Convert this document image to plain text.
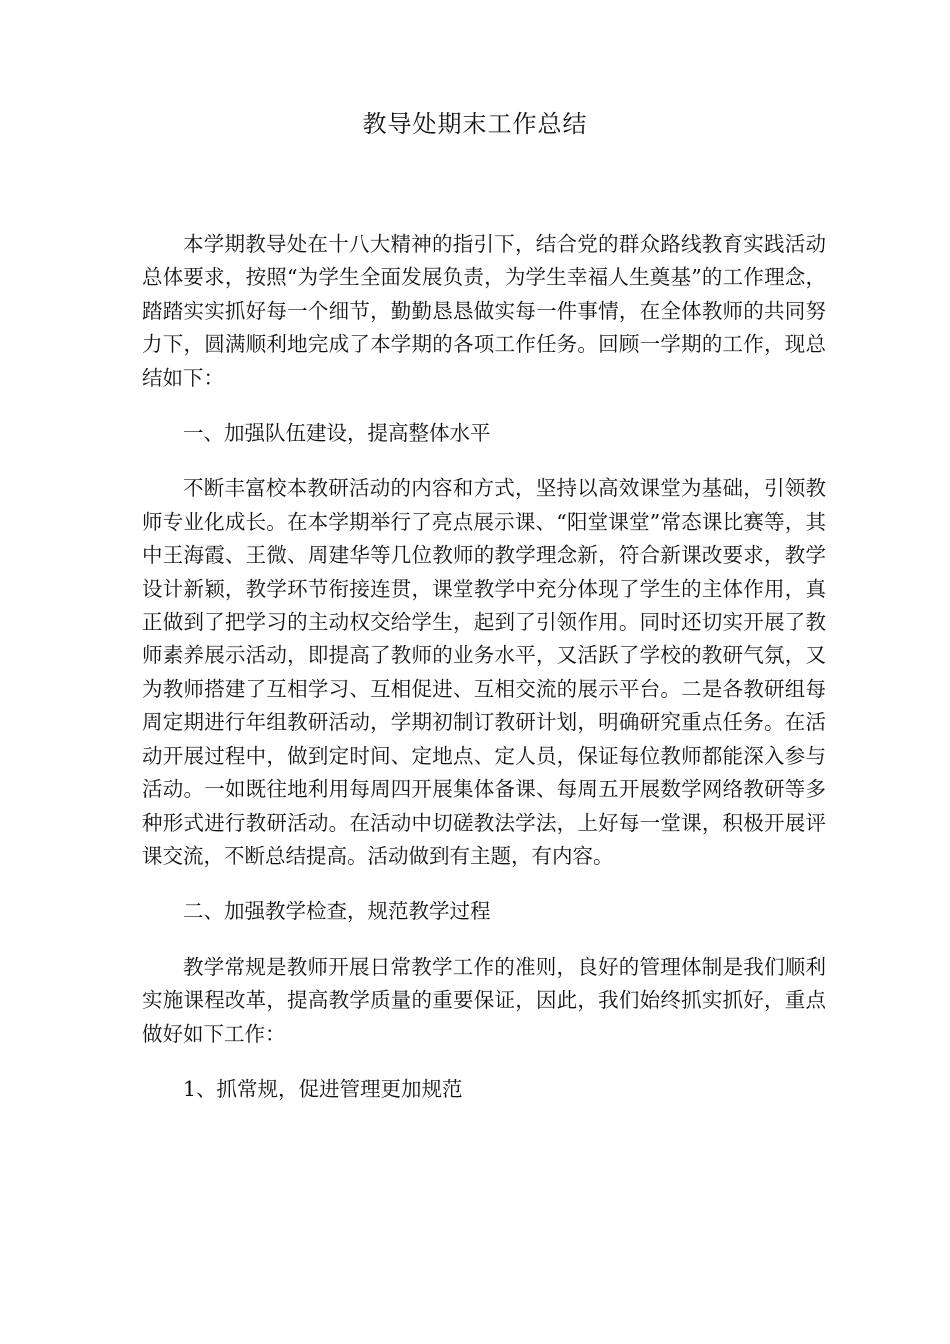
教导处期末工作总结

本学期教导处在十八大精神的指引下，结合党的群众路线教育实践活动总体要求，按照“为学生全面发展负责，为学生幸福人生奠基”的工作理念，踏踏实实抓好每一个细节，勤勤恳恳做实每一件事情，在全体教师的共同努力下，圆满顺利地完成了本学期的各项工作任务。回顾一学期的工作，现总结如下：

一、加强队伍建设，提高整体水平

不断丰富校本教研活动的内容和方式，坚持以高效课堂为基础，引领教师专业化成长。在本学期举行了亮点展示课、“阳堂课堂”常态课比赛等，其中王海霞、王微、周建华等几位教师的教学理念新，符合新课改要求，教学设计新颖，教学环节衔接连贯，课堂教学中充分体现了学生的主体作用，真正做到了把学习的主动权交给学生，起到了引领作用。同时还切实开展了教师素养展示活动，即提高了教师的业务水平，又活跃了学校的教研气氛，又为教师搭建了互相学习、互相促进、互相交流的展示平台。二是各教研组每周定期进行年组教研活动，学期初制订教研计划，明确研究重点任务。在活动开展过程中，做到定时间、定地点、定人员，保证每位教师都能深入参与活动。一如既往地利用每周四开展集体备课、每周五开展数学网络教研等多种形式进行教研活动。在活动中切磋教法学法，上好每一堂课，积极开展评课交流，不断总结提高。活动做到有主题，有内容。

二、加强教学检查，规范教学过程

教学常规是教师开展日常教学工作的准则，良好的管理体制是我们顺利实施课程改革，提高教学质量的重要保证，因此，我们始终抓实抓好，重点做好如下工作：

1、抓常规，促进管理更加规范
